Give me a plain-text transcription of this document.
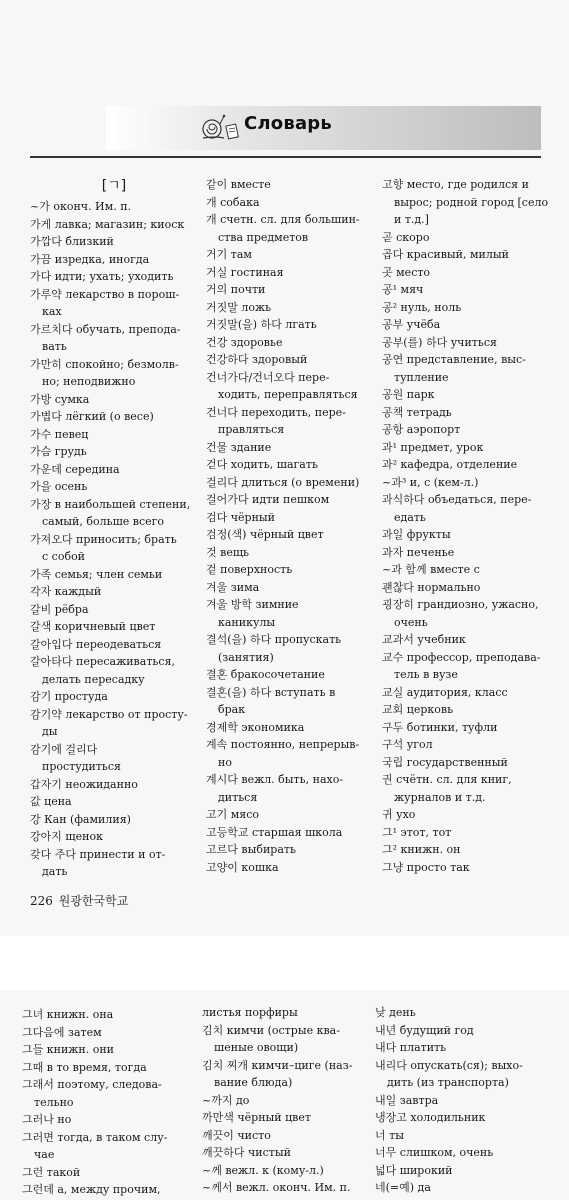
Словарь
[ㄱ]
~가 оконч. Им. п.
가게 лавка; магазин; киоск
가깝다 близкий
가끔 изредка, иногда
가다 идти; ухать; уходить
가루약 лекарство в порош-
ках
가르치다 обучать, преподa-
вать
가만히 спокойно; безмолв-
но; неподвижно
가방 сумка
가볍다 лёгкий (о весе)
가수 певец
가슴 грудь
가운데 середина
가을 осень
가장 в наибольшей степени,
самый, больше всего
가져오다 приносить; брать
с собой
가족 семья; член семьи
각자 каждый
갈비 рёбра
갈색 коричневый цвет
갈아입다 переодеваться
갈아타다 пересаживаться,
делать пересадку
감기 простуда
감기약 лекарство от просту-
ды
감기에 걸리다
простудиться
갑자기 неожиданно
값 цена
강 Кан (фамилия)
강아지 щенок
갖다 주다 принести и от-
дать
같이 вместе
개 собака
개 счетн. сл. для большин-
ства предметов
거기 там
거실 гостиная
거의 почти
거짓말 ложь
거짓말(을) 하다 лгать
건강 здоровье
건강하다 здоровый
건너가다/건너오다 пере-
ходить, переправляться
건너다 переходить, пере-
правляться
건물 здание
걷다 ходить, шагать
걸리다 длиться (о времени)
걸어가다 идти пешком
검다 чёрный
검정(색) чёрный цвет
것 вещь
겉 поверхность
겨울 зима
겨울 방학 зимние
каникулы
결석(을) 하다 пропускать
(занятия)
결혼 бракосочетание
결혼(을) 하다 вступать в
брак
경제학 экономика
계속 постоянно, непрерыв-
но
계시다 вежл. быть, нахо-
диться
고기 мясо
고등학교 старшая школа
고르다 выбирать
고양이 кошка
고향 место, где родился и
вырос; родной город [село
и т.д.]
곧 скоро
곱다 красивый, милый
곳 место
공¹ мяч
공² нуль, ноль
공부 учёба
공부(를) 하다 учиться
공연 представление, выс-
тупление
공원 парк
공책 тетрадь
공항 аэропорт
과¹ предмет, урок
과² кафедра, отделение
~과³ и, с (кем-л.)
과식하다 объедаться, пере-
едать
과일 фрукты
과자 печенье
~과 함께 вместе с
괜찮다 нормально
굉장히 грандиозно, ужасно,
очень
교과서 учебник
교수 профессор, преподава-
тель в вузе
교실 аудитория, класс
교회 церковь
구두 ботинки, туфли
구석 угол
국립 государственный
권 счётн. сл. для книг,
журналов и т.д.
귀 ухо
그¹ этот, тот
그² книжн. он
그냥 просто так
226 원광한국학교
그녀 книжн. она
그다음에 затем
그들 книжн. они
그때 в то время, тогда
그래서 поэтому, следова-
тельно
그러나 но
그러면 тогда, в таком слу-
чае
그런 такой
그런데 а, между прочим,
листья порфиры
김치 кимчи (острые ква-
шеные овощи)
김치 찌개 кимчи–циге (наз-
вание блюда)
~까지 до
까만색 чёрный цвет
깨끗이 чисто
깨끗하다 чистый
~께 вежл. к (кому-л.)
~께서 вежл. оконч. Им. п.
낮 день
내년 будущий год
내다 платить
내리다 опускать(ся); выхо-
дить (из транспорта)
내일 завтра
냉장고 холодильник
너 ты
너무 слишком, очень
넓다 широкий
네(=예) да
